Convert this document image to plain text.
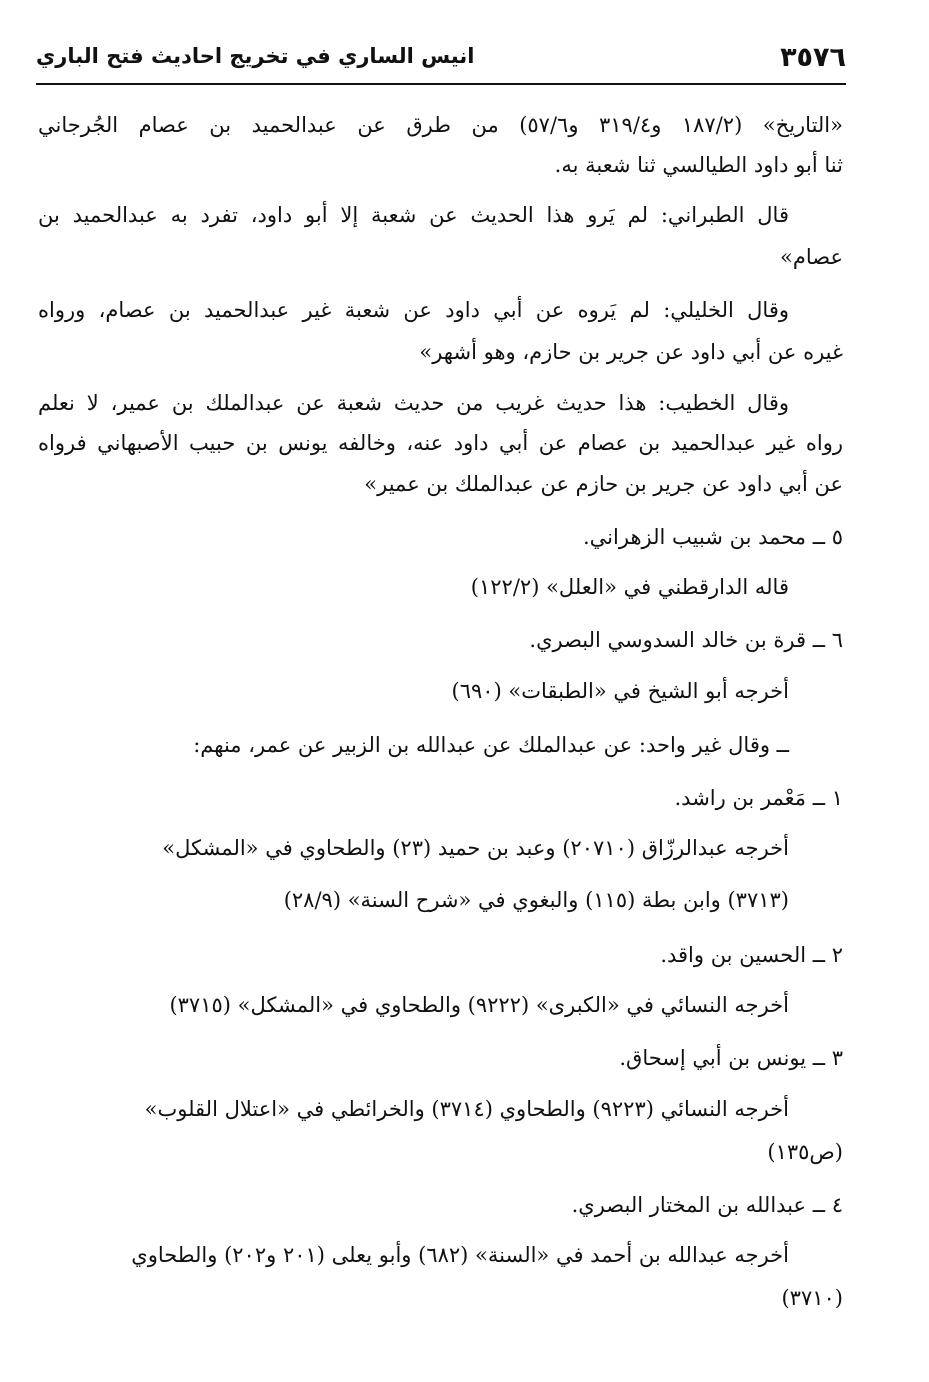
٣٥٧٦
انيس الساري في تخريج احاديث فتح الباري
«التاريخ» (١٨٧/٢ و٣١٩/٤ و٥٧/٦) من طرق عن عبدالحميد بن عصام الجُرجاني
ثنا أبو داود الطيالسي ثنا شعبة به.
قال الطبراني: لم يَرو هذا الحديث عن شعبة إلا أبو داود، تفرد به عبدالحميد بن
عصام»
وقال الخليلي: لم يَروه عن أبي داود عن شعبة غير عبدالحميد بن عصام، ورواه
غيره عن أبي داود عن جرير بن حازم، وهو أشهر»
وقال الخطيب: هذا حديث غريب من حديث شعبة عن عبدالملك بن عمير، لا نعلم
رواه غير عبدالحميد بن عصام عن أبي داود عنه، وخالفه يونس بن حبيب الأصبهاني فرواه
عن أبي داود عن جرير بن حازم عن عبدالملك بن عمير»
٥ ــ محمد بن شبيب الزهراني.
قاله الدارقطني في «العلل» (١٢٢/٢)
٦ ــ قرة بن خالد السدوسي البصري.
أخرجه أبو الشيخ في «الطبقات» (٦٩٠)
ــ وقال غير واحد: عن عبدالملك عن عبدالله بن الزبير عن عمر، منهم:
١ ــ مَعْمر بن راشد.
أخرجه عبدالرزّاق (٢٠٧١٠) وعبد بن حميد (٢٣) والطحاوي في «المشكل»
(٣٧١٣) وابن بطة (١١٥) والبغوي في «شرح السنة» (٢٨/٩)
٢ ــ الحسين بن واقد.
أخرجه النسائي في «الكبرى» (٩٢٢٢) والطحاوي في «المشكل» (٣٧١٥)
٣ ــ يونس بن أبي إسحاق.
أخرجه النسائي (٩٢٢٣) والطحاوي (٣٧١٤) والخرائطي في «اعتلال القلوب»
(ص١٣٥)
٤ ــ عبدالله بن المختار البصري.
أخرجه عبدالله بن أحمد في «السنة» (٦٨٢) وأبو يعلى (٢٠١ و٢٠٢) والطحاوي
(٣٧١٠)
